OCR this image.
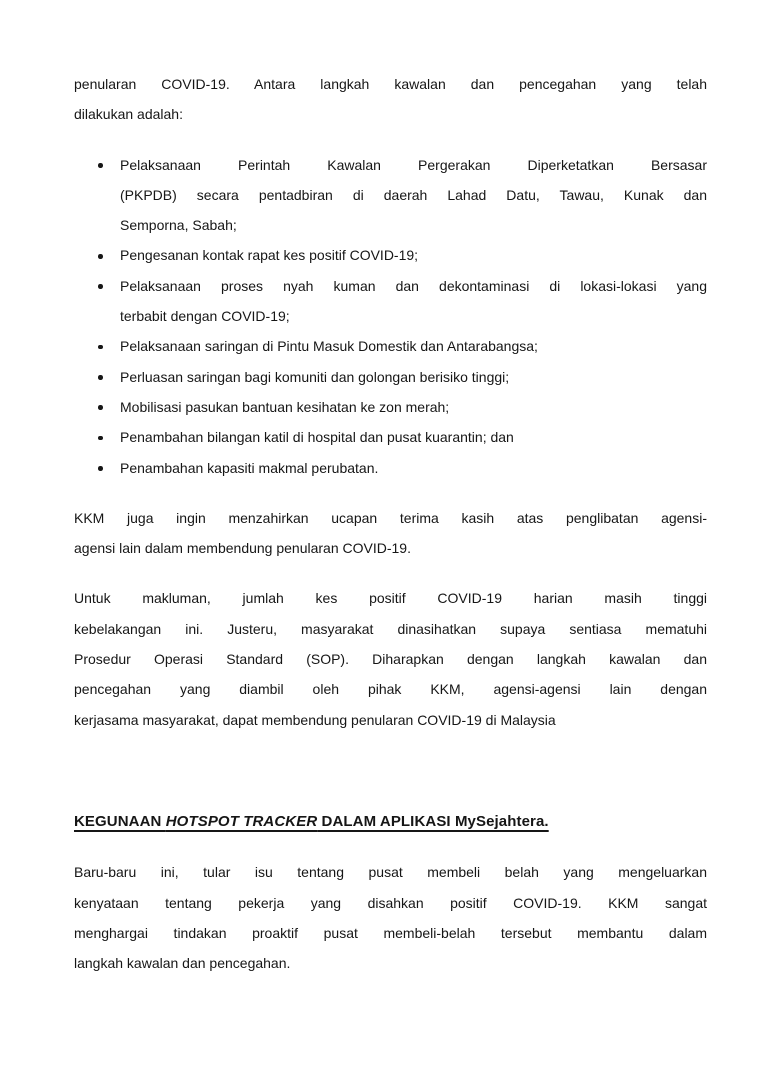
penularan COVID-19. Antara langkah kawalan dan pencegahan yang telah
dilakukan adalah:
Pelaksanaan Perintah Kawalan Pergerakan Diperketatkan Bersasar
(PKPDB) secara pentadbiran di daerah Lahad Datu, Tawau, Kunak dan
Semporna, Sabah;
Pengesanan kontak rapat kes positif COVID-19;
Pelaksanaan proses nyah kuman dan dekontaminasi di lokasi-lokasi yang
terbabit dengan COVID-19;
Pelaksanaan saringan di Pintu Masuk Domestik dan Antarabangsa;
Perluasan saringan bagi komuniti dan golongan berisiko tinggi;
Mobilisasi pasukan bantuan kesihatan ke zon merah;
Penambahan bilangan katil di hospital dan pusat kuarantin; dan
Penambahan kapasiti makmal perubatan.
KKM juga ingin menzahirkan ucapan terima kasih atas penglibatan agensi-
agensi lain dalam membendung penularan COVID-19.
Untuk makluman, jumlah kes positif COVID-19 harian masih tinggi
kebelakangan ini. Justeru, masyarakat dinasihatkan supaya sentiasa mematuhi
Prosedur Operasi Standard (SOP). Diharapkan dengan langkah kawalan dan
pencegahan yang diambil oleh pihak KKM, agensi-agensi lain dengan
kerjasama masyarakat, dapat membendung penularan COVID-19 di Malaysia
KEGUNAAN HOTSPOT TRACKER DALAM APLIKASI MySejahtera.
Baru-baru ini, tular isu tentang pusat membeli belah yang mengeluarkan
kenyataan tentang pekerja yang disahkan positif COVID-19. KKM sangat
menghargai tindakan proaktif pusat membeli-belah tersebut membantu dalam
langkah kawalan dan pencegahan.
